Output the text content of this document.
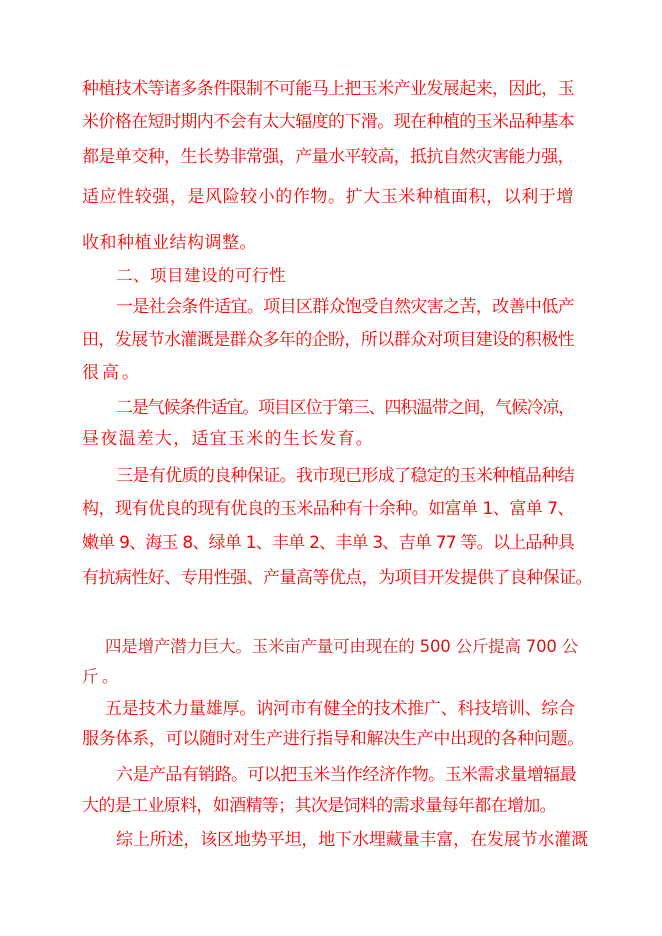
种植技术等诸多条件限制不可能马上把玉米产业发展起来，因此，玉
米价格在短时期内不会有太大辐度的下滑。现在种植的玉米品种基本
都是单交种，生长势非常强，产量水平较高，抵抗自然灾害能力强，
适应性较强，是风险较小的作物。扩大玉米种植面积，以利于增
收和种植业结构调整。
二、项目建设的可行性
一是社会条件适宜。项目区群众饱受自然灾害之苦，改善中低产
田，发展节水灌溉是群众多年的企盼，所以群众对项目建设的积极性
很高。
二是气候条件适宜。项目区位于第三、四积温带之间，气候冷凉，
昼夜温差大，适宜玉米的生长发育。
三是有优质的良种保证。我市现已形成了稳定的玉米种植品种结
构，现有优良的现有优良的玉米品种有十余种。如富单 1、富单 7、
嫩单 9、海玉 8、绿单 1、丰单 2、丰单 3、吉单 77 等。以上品种具
有抗病性好、专用性强、产量高等优点，为项目开发提供了良种保证。
四是增产潜力巨大。玉米亩产量可由现在的 500 公斤提高 700 公
斤。
五是技术力量雄厚。讷河市有健全的技术推广、科技培训、综合
服务体系，可以随时对生产进行指导和解决生产中出现的各种问题。
六是产品有销路。可以把玉米当作经济作物。玉米需求量增辐最
大的是工业原料，如酒精等；其次是饲料的需求量每年都在增加。
综上所述，该区地势平坦，地下水埋藏量丰富，在发展节水灌溉
